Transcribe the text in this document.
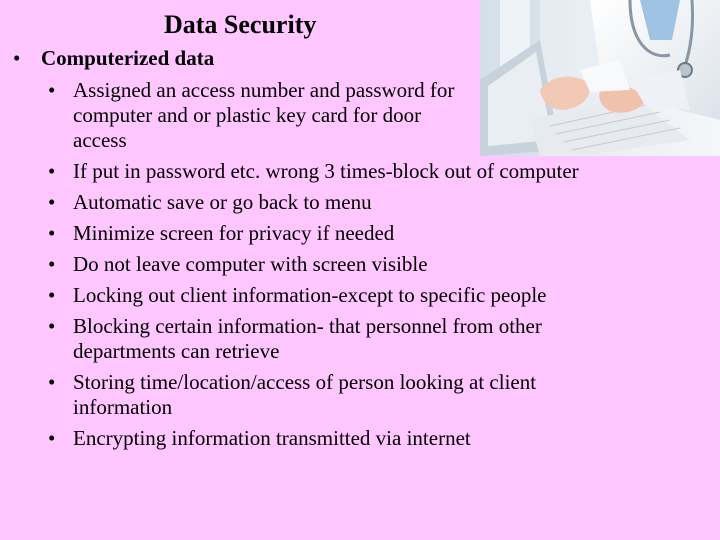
Data Security
• Computerized data
• Assigned an access number and password for computer and or plastic key card for door access
• If put in password etc. wrong 3 times-block out of computer
• Automatic save or go back to menu
• Minimize screen for privacy if needed
• Do not leave computer with screen visible
• Locking out client information-except to specific people
• Blocking certain information- that personnel from other departments can retrieve
• Storing time/location/access of person looking at client information
• Encrypting information transmitted via internet
